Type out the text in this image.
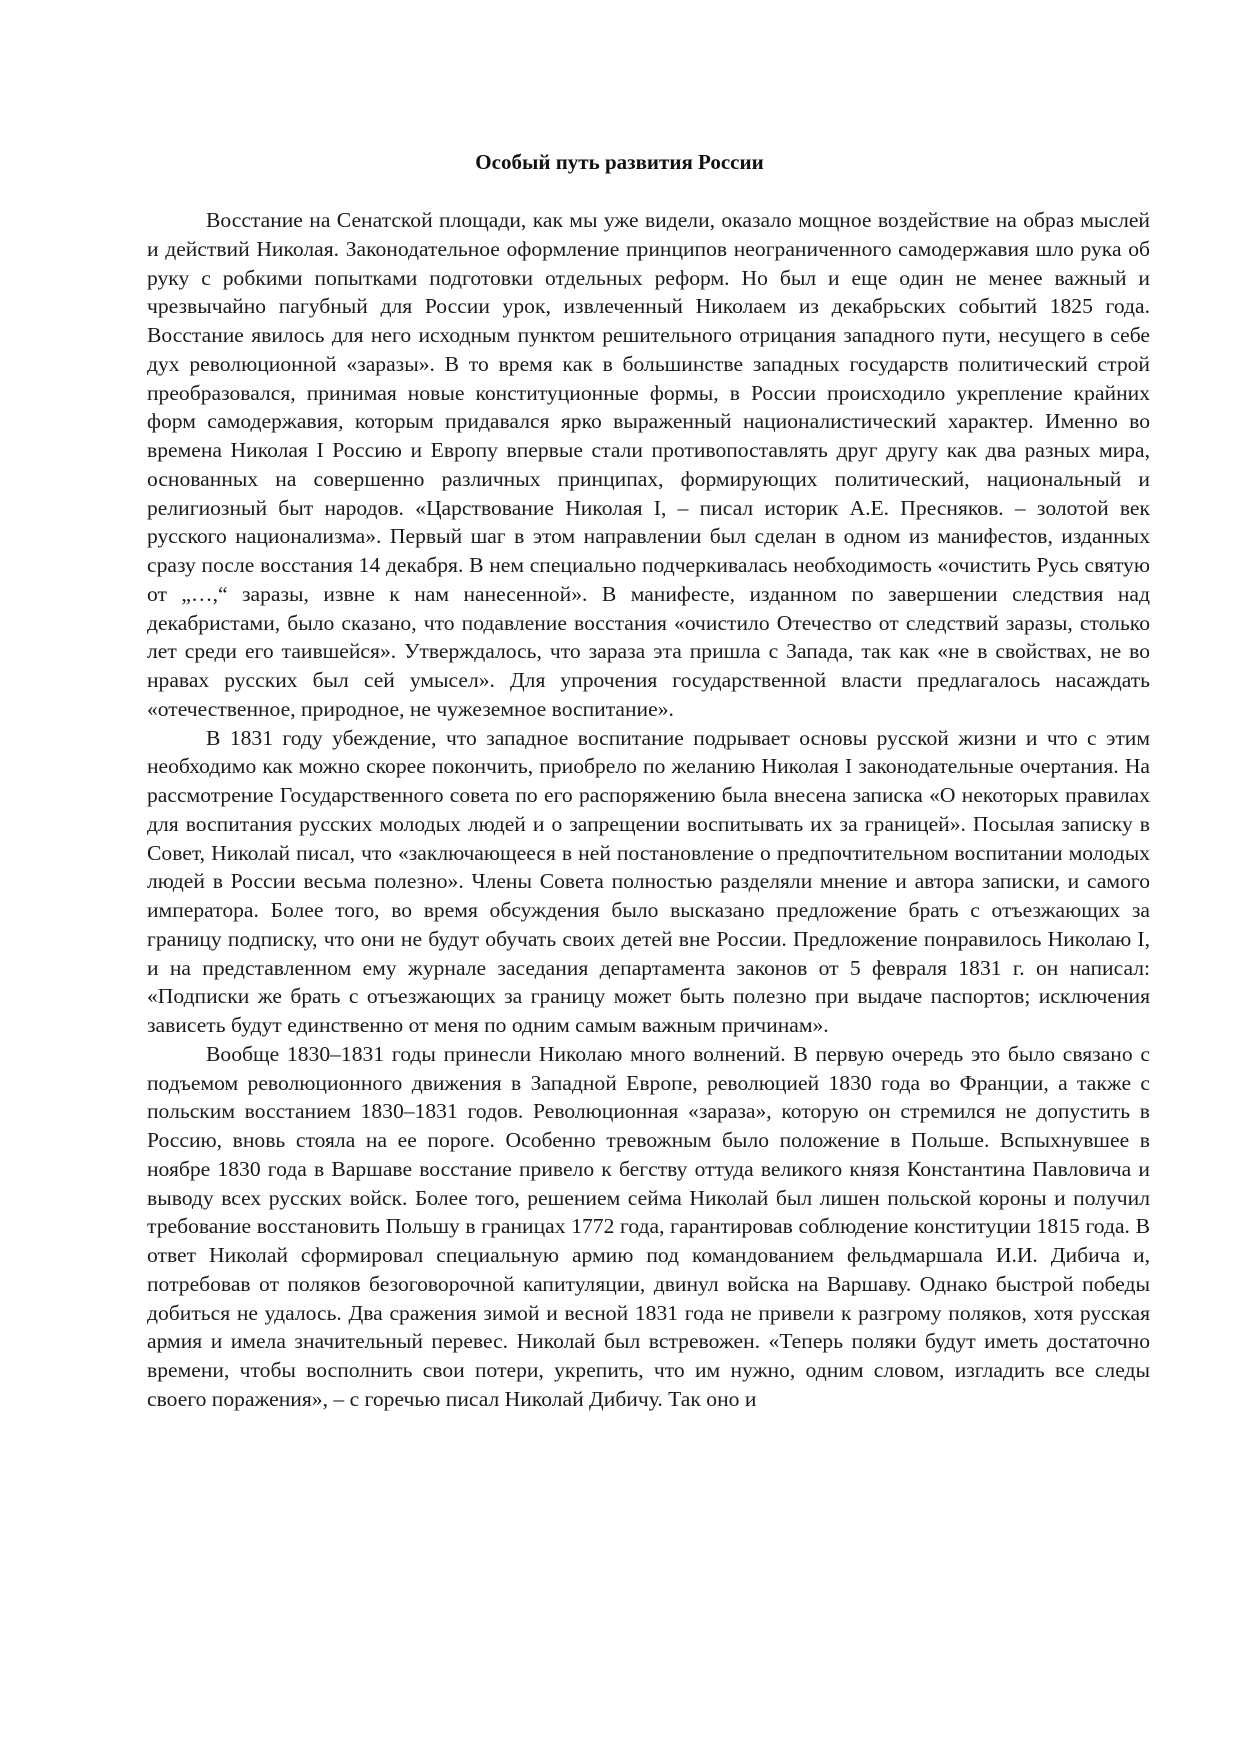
Особый путь развития России

Восстание на Сенатской площади, как мы уже видели, оказало мощное воздействие на образ мыслей и действий Николая. Законодательное оформление принципов неограниченного самодержавия шло рука об руку с робкими попытками подготовки отдельных реформ. Но был и еще один не менее важный и чрезвычайно пагубный для России урок, извлеченный Николаем из декабрьских событий 1825 года. Восстание явилось для него исходным пунктом решительного отрицания западного пути, несущего в себе дух революционной «заразы». В то время как в большинстве западных государств политический строй преобразовался, принимая новые конституционные формы, в России происходило укрепление крайних форм самодержавия, которым придавался ярко выраженный националистический характер. Именно во времена Николая I Россию и Европу впервые стали противопоставлять друг другу как два разных мира, основанных на совершенно различных принципах, формирующих политический, национальный и религиозный быт народов. «Царствование Николая I, – писал историк А.Е. Пресняков. – золотой век русского национализма». Первый шаг в этом направлении был сделан в одном из манифестов, изданных сразу после восстания 14 декабря. В нем специально подчеркивалась необходимость «очистить Русь святую от „…,“ заразы, извне к нам нанесенной». В манифесте, изданном по завершении следствия над декабристами, было сказано, что подавление восстания «очистило Отечество от следствий заразы, столько лет среди его таившейся». Утверждалось, что зараза эта пришла с Запада, так как «не в свойствах, не во нравах русских был сей умысел». Для упрочения государственной власти предлагалось насаждать «отечественное, природное, не чужеземное воспитание».

В 1831 году убеждение, что западное воспитание подрывает основы русской жизни и что с этим необходимо как можно скорее покончить, приобрело по желанию Николая I законодательные очертания. На рассмотрение Государственного совета по его распоряжению была внесена записка «О некоторых правилах для воспитания русских молодых людей и о запрещении воспитывать их за границей». Посылая записку в Совет, Николай писал, что «заключающееся в ней постановление о предпочтительном воспитании молодых людей в России весьма полезно». Члены Совета полностью разделяли мнение и автора записки, и самого императора. Более того, во время обсуждения было высказано предложение брать с отъезжающих за границу подписку, что они не будут обучать своих детей вне России. Предложение понравилось Николаю I, и на представленном ему журнале заседания департамента законов от 5 февраля 1831 г. он написал: «Подписки же брать с отъезжающих за границу может быть полезно при выдаче паспортов; исключения зависеть будут единственно от меня по одним самым важным причинам».

Вообще 1830–1831 годы принесли Николаю много волнений. В первую очередь это было связано с подъемом революционного движения в Западной Европе, революцией 1830 года во Франции, а также с польским восстанием 1830–1831 годов. Революционная «зараза», которую он стремился не допустить в Россию, вновь стояла на ее пороге. Особенно тревожным было положение в Польше. Вспыхнувшее в ноябре 1830 года в Варшаве восстание привело к бегству оттуда великого князя Константина Павловича и выводу всех русских войск. Более того, решением сейма Николай был лишен польской короны и получил требование восстановить Польшу в границах 1772 года, гарантировав соблюдение конституции 1815 года. В ответ Николай сформировал специальную армию под командованием фельдмаршала И.И. Дибича и, потребовав от поляков безоговорочной капитуляции, двинул войска на Варшаву. Однако быстрой победы добиться не удалось. Два сражения зимой и весной 1831 года не привели к разгрому поляков, хотя русская армия и имела значительный перевес. Николай был встревожен. «Теперь поляки будут иметь достаточно времени, чтобы восполнить свои потери, укрепить, что им нужно, одним словом, изгладить все следы своего поражения», – с горечью писал Николай Дибичу. Так оно и
